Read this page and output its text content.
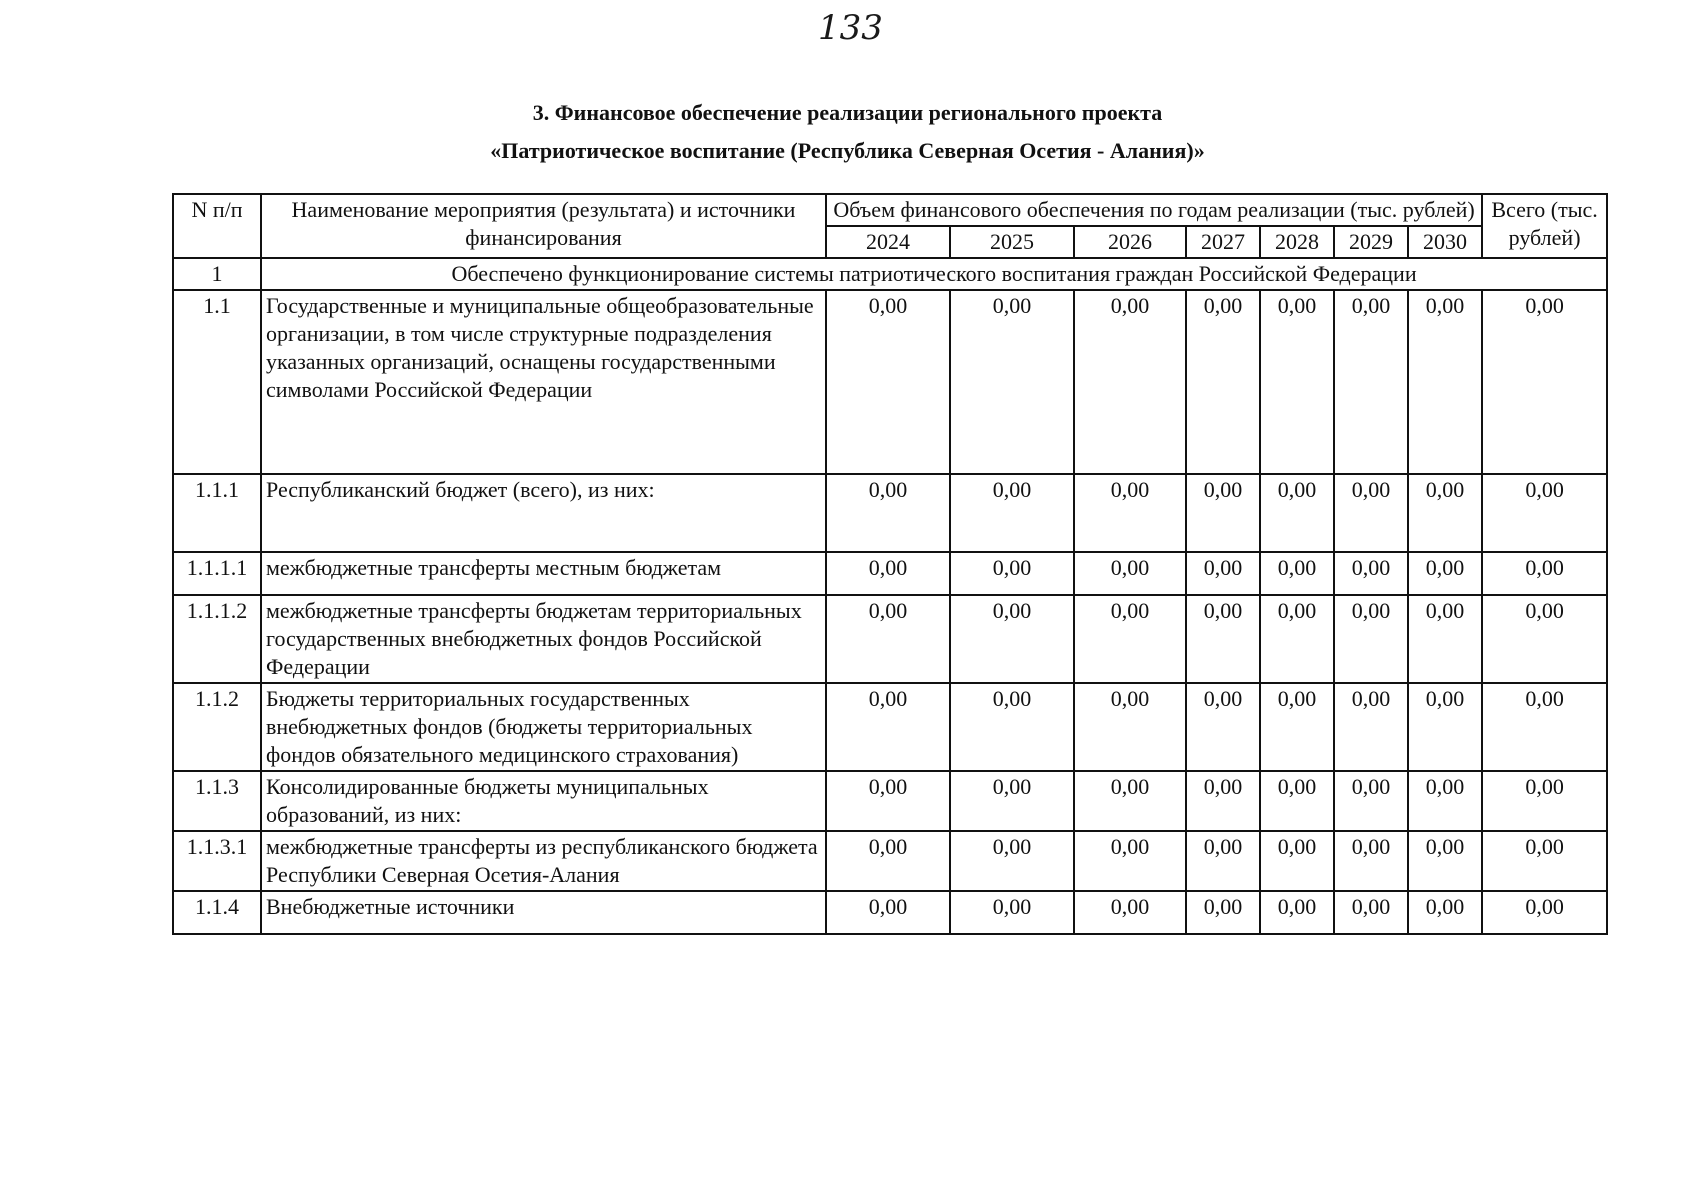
133
3. Финансовое обеспечение реализации регионального проекта
«Патриотическое воспитание (Республика Северная Осетия - Алания)»
N п/п	Наименование мероприятия (результата) и источники финансирования	Объем финансового обеспечения по годам реализации (тыс. рублей)							Всего (тыс. рублей)
		2024	2025	2026	2027	2028	2029	2030	
1	Обеспечено функционирование системы патриотического воспитания граждан Российской Федерации								
1.1	Государственные и муниципальные общеобразовательные организации, в том числе структурные подразделения указанных организаций, оснащены государственными символами Российской Федерации	0,00	0,00	0,00	0,00	0,00	0,00	0,00	0,00
1.1.1	Республиканский бюджет (всего), из них:	0,00	0,00	0,00	0,00	0,00	0,00	0,00	0,00
1.1.1.1	межбюджетные трансферты местным бюджетам	0,00	0,00	0,00	0,00	0,00	0,00	0,00	0,00
1.1.1.2	межбюджетные трансферты бюджетам территориальных государственных внебюджетных фондов Российской Федерации	0,00	0,00	0,00	0,00	0,00	0,00	0,00	0,00
1.1.2	Бюджеты территориальных государственных внебюджетных фондов (бюджеты территориальных фондов обязательного медицинского страхования)	0,00	0,00	0,00	0,00	0,00	0,00	0,00	0,00
1.1.3	Консолидированные бюджеты муниципальных образований, из них:	0,00	0,00	0,00	0,00	0,00	0,00	0,00	0,00
1.1.3.1	межбюджетные трансферты из республиканского бюджета Республики Северная Осетия-Алания	0,00	0,00	0,00	0,00	0,00	0,00	0,00	0,00
1.1.4	Внебюджетные источники	0,00	0,00	0,00	0,00	0,00	0,00	0,00	0,00
